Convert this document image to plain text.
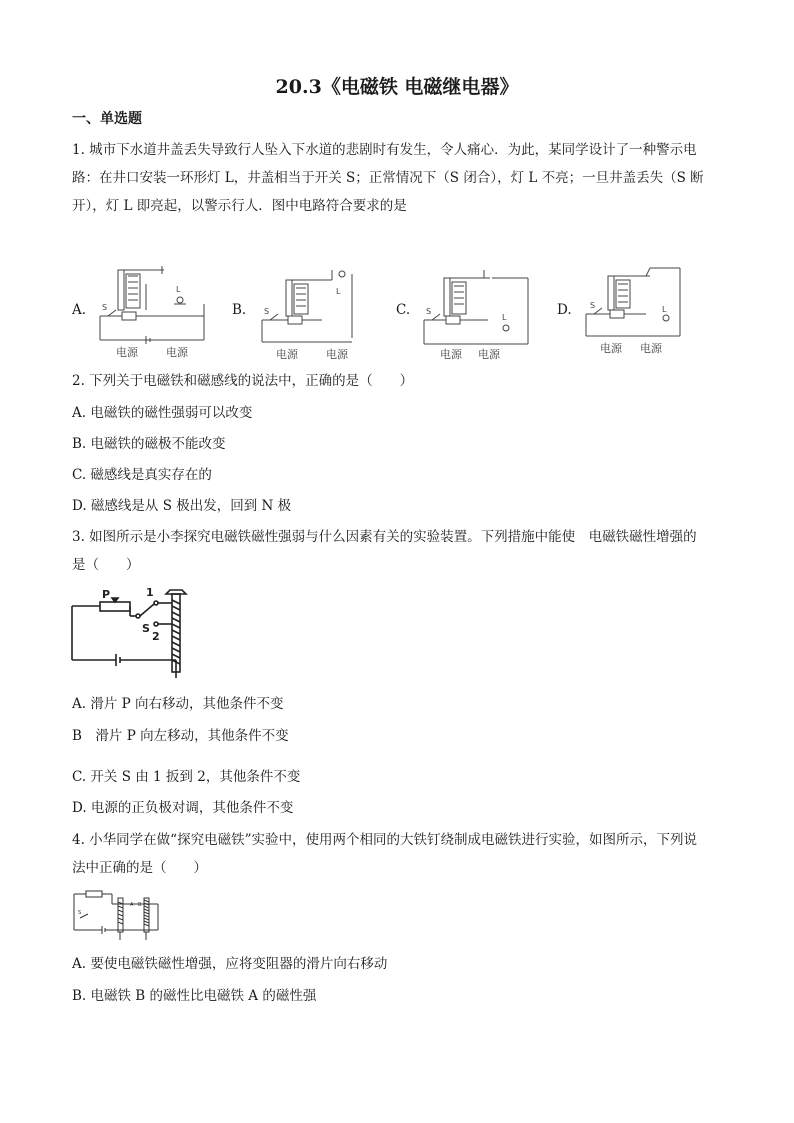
20.3《电磁铁 电磁继电器》
一、单选题
1. 城市下水道井盖丢失导致行人坠入下水道的悲剧时有发生，令人痛心．为此，某同学设计了一种警示电
路：在井口安装一环形灯 L，井盖相当于开关 S；正常情况下（S 闭合），灯 L 不亮；一旦井盖丢失（S 断
开），灯 L 即亮起，以警示行人．图中电路符合要求的是
A.	B.	C.	D.
S
L
电源	电源
S
L
电源	电源
S
L
电源 电源
S	L
电源 电源
2. 下列关于电磁铁和磁感线的说法中，正确的是（　　）
A. 电磁铁的磁性强弱可以改变
B. 电磁铁的磁极不能改变
C. 磁感线是真实存在的
D. 磁感线是从 S 极出发，回到 N 极
3. 如图所示是小李探究电磁铁磁性强弱与什么因素有关的实验装置。下列措施中能使　电磁铁磁性增强的
是（　　）
P	1
S
2
A. 滑片 P 向右移动，其他条件不变
B　滑片 P 向左移动，其他条件不变
C. 开关 S 由 1 扳到 2，其他条件不变
D. 电源的正负极对调，其他条件不变
4. 小华同学在做“探究电磁铁”实验中，使用两个相同的大铁钉绕制成电磁铁进行实验，如图所示，下列说
法中正确的是（　　）
A B
S
A. 要使电磁铁磁性增强，应将变阻器的滑片向右移动
B. 电磁铁 B 的磁性比电磁铁 A 的磁性强
